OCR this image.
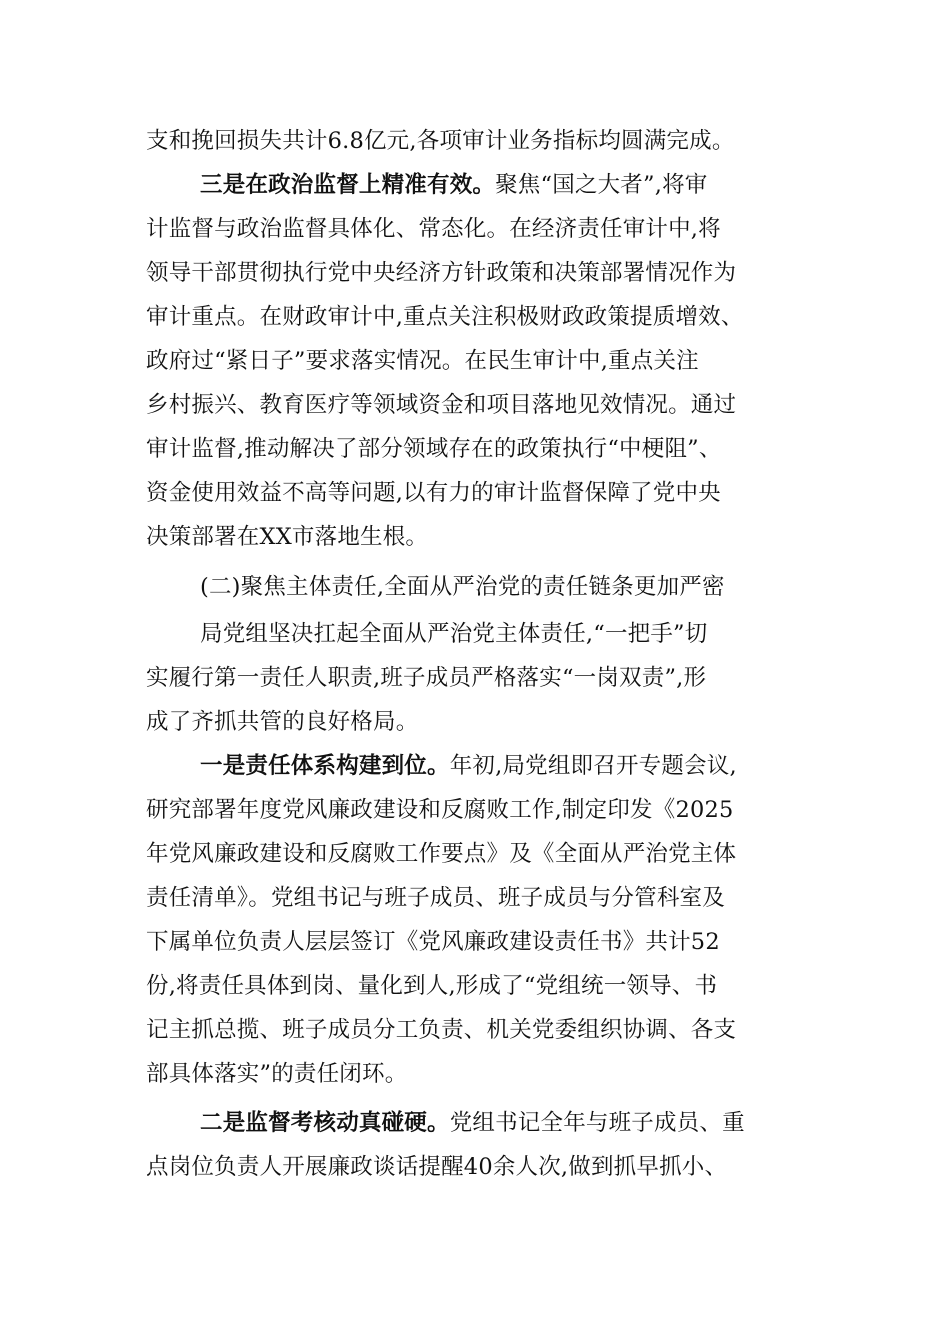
支和挽回损失共计6.8亿元,各项审计业务指标均圆满完成。
三是在政治监督上精准有效。聚焦“国之大者”,将审
计监督与政治监督具体化、常态化。在经济责任审计中,将
领导干部贯彻执行党中央经济方针政策和决策部署情况作为
审计重点。在财政审计中,重点关注积极财政政策提质增效、
政府过“紧日子”要求落实情况。在民生审计中,重点关注
乡村振兴、教育医疗等领域资金和项目落地见效情况。通过
审计监督,推动解决了部分领域存在的政策执行“中梗阻”、
资金使用效益不高等问题,以有力的审计监督保障了党中央
决策部署在XX市落地生根。
(二)聚焦主体责任,全面从严治党的责任链条更加严密
局党组坚决扛起全面从严治党主体责任,“一把手”切
实履行第一责任人职责,班子成员严格落实“一岗双责”,形
成了齐抓共管的良好格局。
一是责任体系构建到位。年初,局党组即召开专题会议,
研究部署年度党风廉政建设和反腐败工作,制定印发《2025
年党风廉政建设和反腐败工作要点》及《全面从严治党主体
责任清单》。党组书记与班子成员、班子成员与分管科室及
下属单位负责人层层签订《党风廉政建设责任书》共计52
份,将责任具体到岗、量化到人,形成了“党组统一领导、书
记主抓总揽、班子成员分工负责、机关党委组织协调、各支
部具体落实”的责任闭环。
二是监督考核动真碰硬。党组书记全年与班子成员、重
点岗位负责人开展廉政谈话提醒40余人次,做到抓早抓小、
